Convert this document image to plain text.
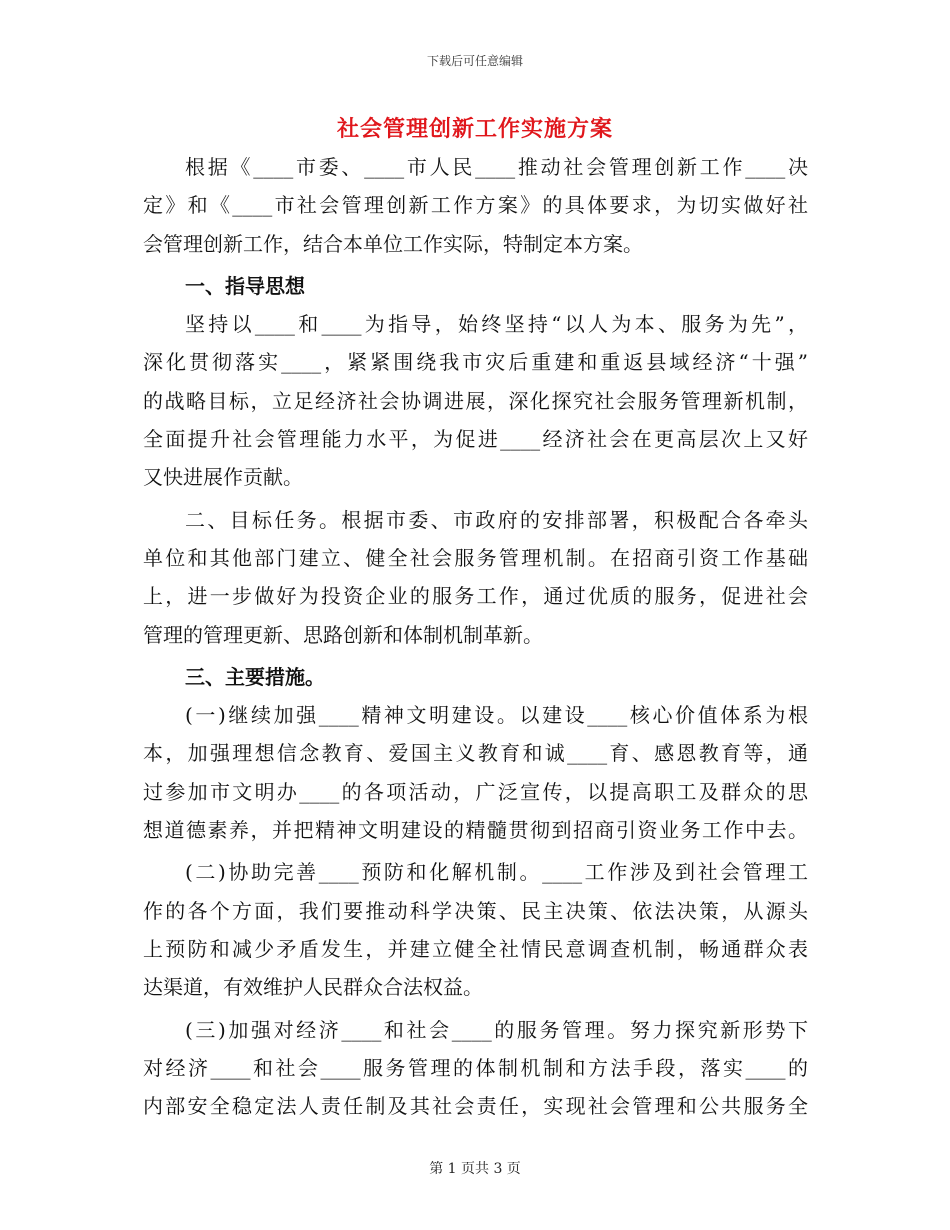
下载后可任意编辑
社会管理创新工作实施方案
根据《____市委、____市人民____推动社会管理创新工作____决
定》和《____市社会管理创新工作方案》的具体要求，为切实做好社
会管理创新工作，结合本单位工作实际，特制定本方案。
一、指导思想
坚持以____和____为指导，始终坚持“以人为本、服务为先”，
深化贯彻落实____，紧紧围绕我市灾后重建和重返县域经济“十强”
的战略目标，立足经济社会协调进展，深化探究社会服务管理新机制，
全面提升社会管理能力水平，为促进____经济社会在更高层次上又好
又快进展作贡献。
二、目标任务。根据市委、市政府的安排部署，积极配合各牵头
单位和其他部门建立、健全社会服务管理机制。在招商引资工作基础
上，进一步做好为投资企业的服务工作，通过优质的服务，促进社会
管理的管理更新、思路创新和体制机制革新。
三、主要措施。
(一)继续加强____精神文明建设。以建设____核心价值体系为根
本，加强理想信念教育、爱国主义教育和诚____育、感恩教育等，通
过参加市文明办____的各项活动，广泛宣传，以提高职工及群众的思
想道德素养，并把精神文明建设的精髓贯彻到招商引资业务工作中去。
(二)协助完善____预防和化解机制。____工作涉及到社会管理工
作的各个方面，我们要推动科学决策、民主决策、依法决策，从源头
上预防和减少矛盾发生，并建立健全社情民意调查机制，畅通群众表
达渠道，有效维护人民群众合法权益。
(三)加强对经济____和社会____的服务管理。努力探究新形势下
对经济____和社会____服务管理的体制机制和方法手段，落实____的
内部安全稳定法人责任制及其社会责任，实现社会管理和公共服务全
第 1 页共 3 页
